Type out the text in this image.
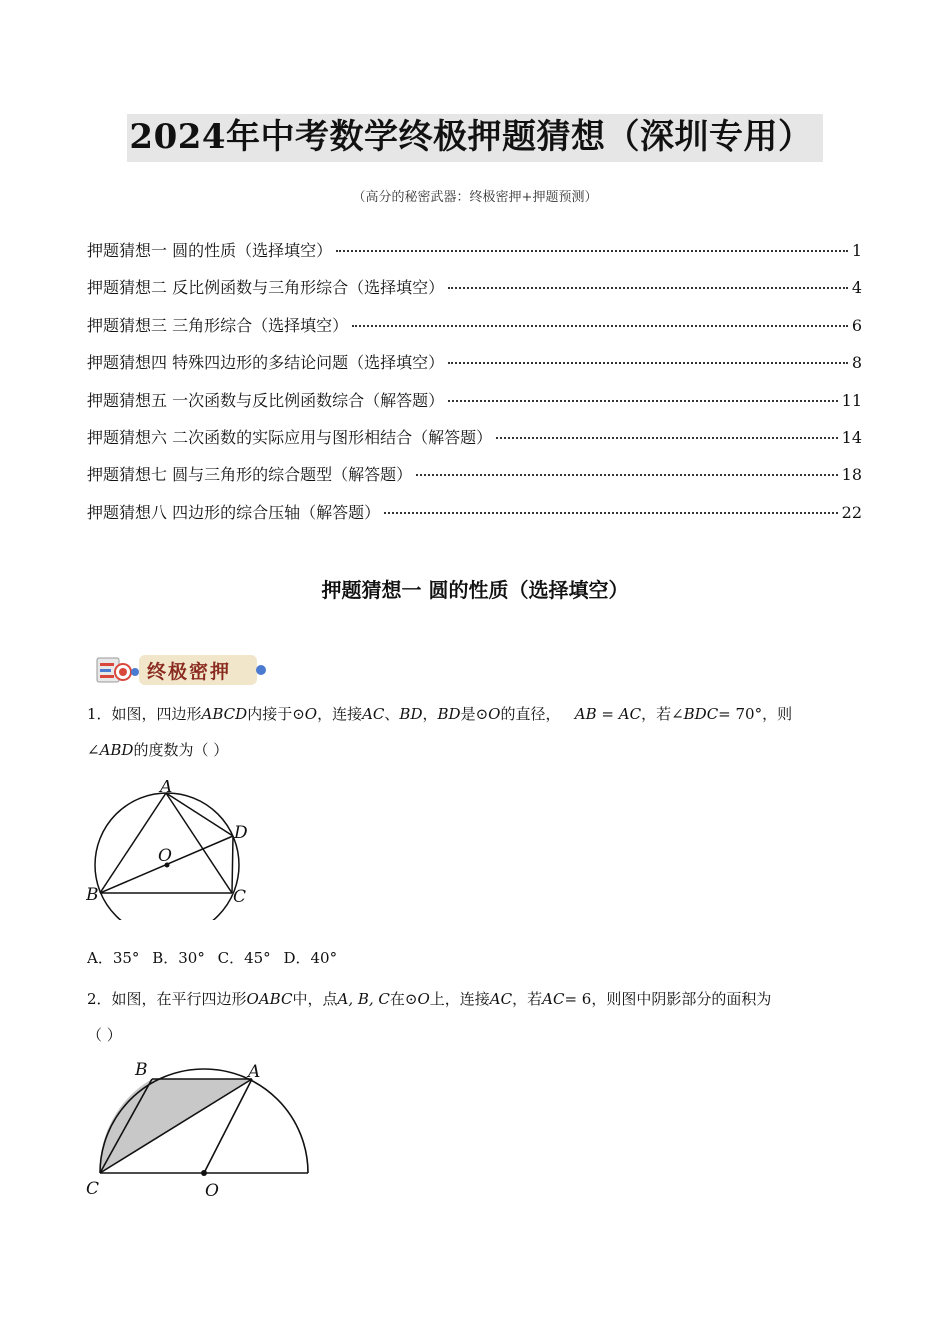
2024年中考数学终极押题猜想（深圳专用）
（高分的秘密武器：终极密押+押题预测）
押题猜想一 圆的性质（选择填空）	1
押题猜想二 反比例函数与三角形综合（选择填空）	4
押题猜想三 三角形综合（选择填空）	6
押题猜想四 特殊四边形的多结论问题（选择填空）	8
押题猜想五 一次函数与反比例函数综合（解答题）	11
押题猜想六 二次函数的实际应用与图形相结合（解答题）	14
押题猜想七 圆与三角形的综合题型（解答题）	18
押题猜想八 四边形的综合压轴（解答题）	22
押题猜想一 圆的性质（选择填空）
终极密押
1．如图，四边形ABCD内接于⊙O，连接AC、BD，BD是⊙O的直径， AB = AC，若∠BDC= 70°，则
∠ABD的度数为（ ）
A
D
O
B	C
A．35° B．30° C．45° D．40°
2．如图，在平行四边形OABC中，点A, B, C在⊙O上，连接AC，若AC= 6，则图中阴影部分的面积为
（ ）
B	A
C	O
